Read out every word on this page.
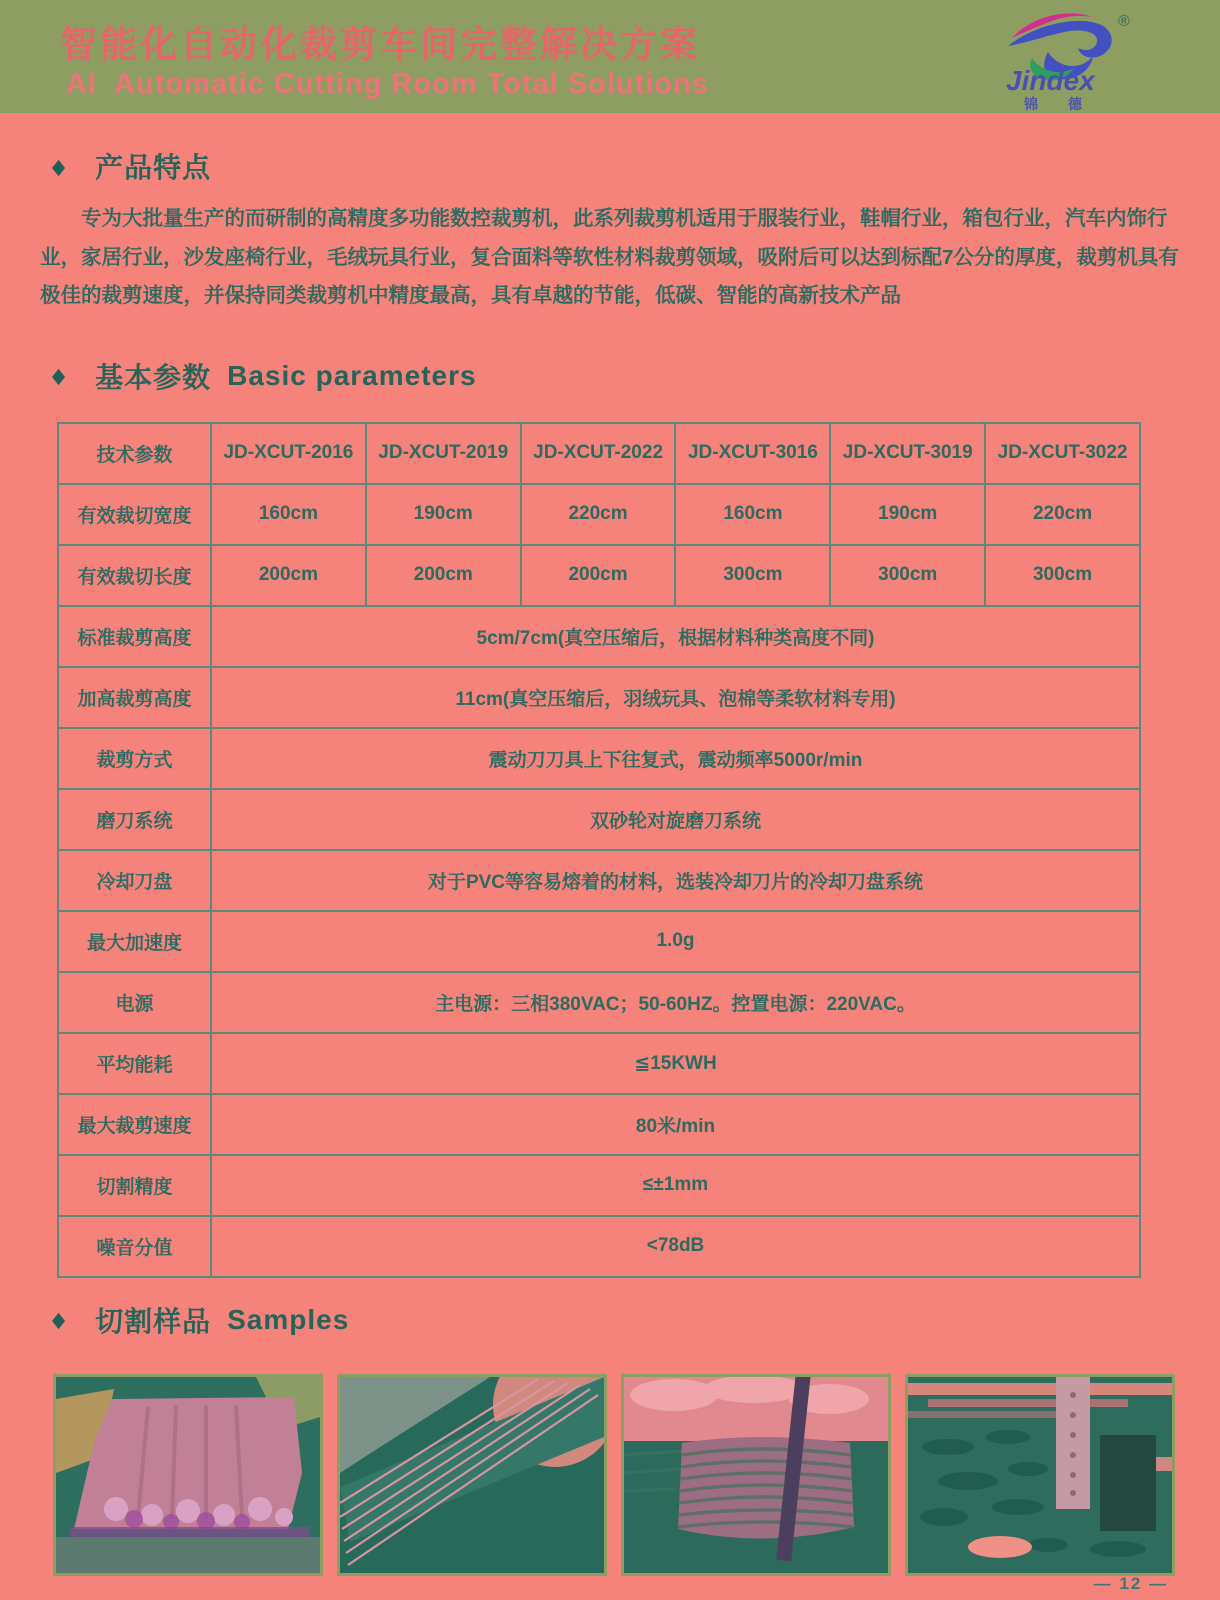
智能化自动化裁剪车间完整解决方案
AI  Automatic Cutting Room Total Solutions
®
Jindex
锦德
◆ 产品特点
专为大批量生产的而研制的高精度多功能数控裁剪机，此系列裁剪机适用于服装行业，鞋帽行业，箱包行业，汽车内饰行业，家居行业，沙发座椅行业，毛绒玩具行业，复合面料等软性材料裁剪领域，吸附后可以达到标配7公分的厚度，裁剪机具有极佳的裁剪速度，并保持同类裁剪机中精度最高，具有卓越的节能，低碳、智能的高新技术产品
◆ 基本参数 Basic parameters
技术参数	JD-XCUT-2016	JD-XCUT-2019	JD-XCUT-2022	JD-XCUT-3016	JD-XCUT-3019	JD-XCUT-3022
有效裁切宽度	160cm	190cm	220cm	160cm	190cm	220cm
有效裁切长度	200cm	200cm	200cm	300cm	300cm	300cm
标准裁剪高度	5cm/7cm(真空压缩后，根据材料种类高度不同)					
加高裁剪高度	11cm(真空压缩后，羽绒玩具、泡棉等柔软材料专用)					
裁剪方式	震动刀刀具上下往复式，震动频率5000r/min					
磨刀系统	双砂轮对旋磨刀系统					
冷却刀盘	对于PVC等容易熔着的材料，选装冷却刀片的冷却刀盘系统					
最大加速度	1.0g					
电源	主电源：三相380VAC；50-60HZ。控置电源：220VAC。					
平均能耗	≦15KWH					
最大裁剪速度	80米/min					
切割精度	≤±1mm					
噪音分值	<78dB					
◆ 切割样品 Samples
— 12 —
